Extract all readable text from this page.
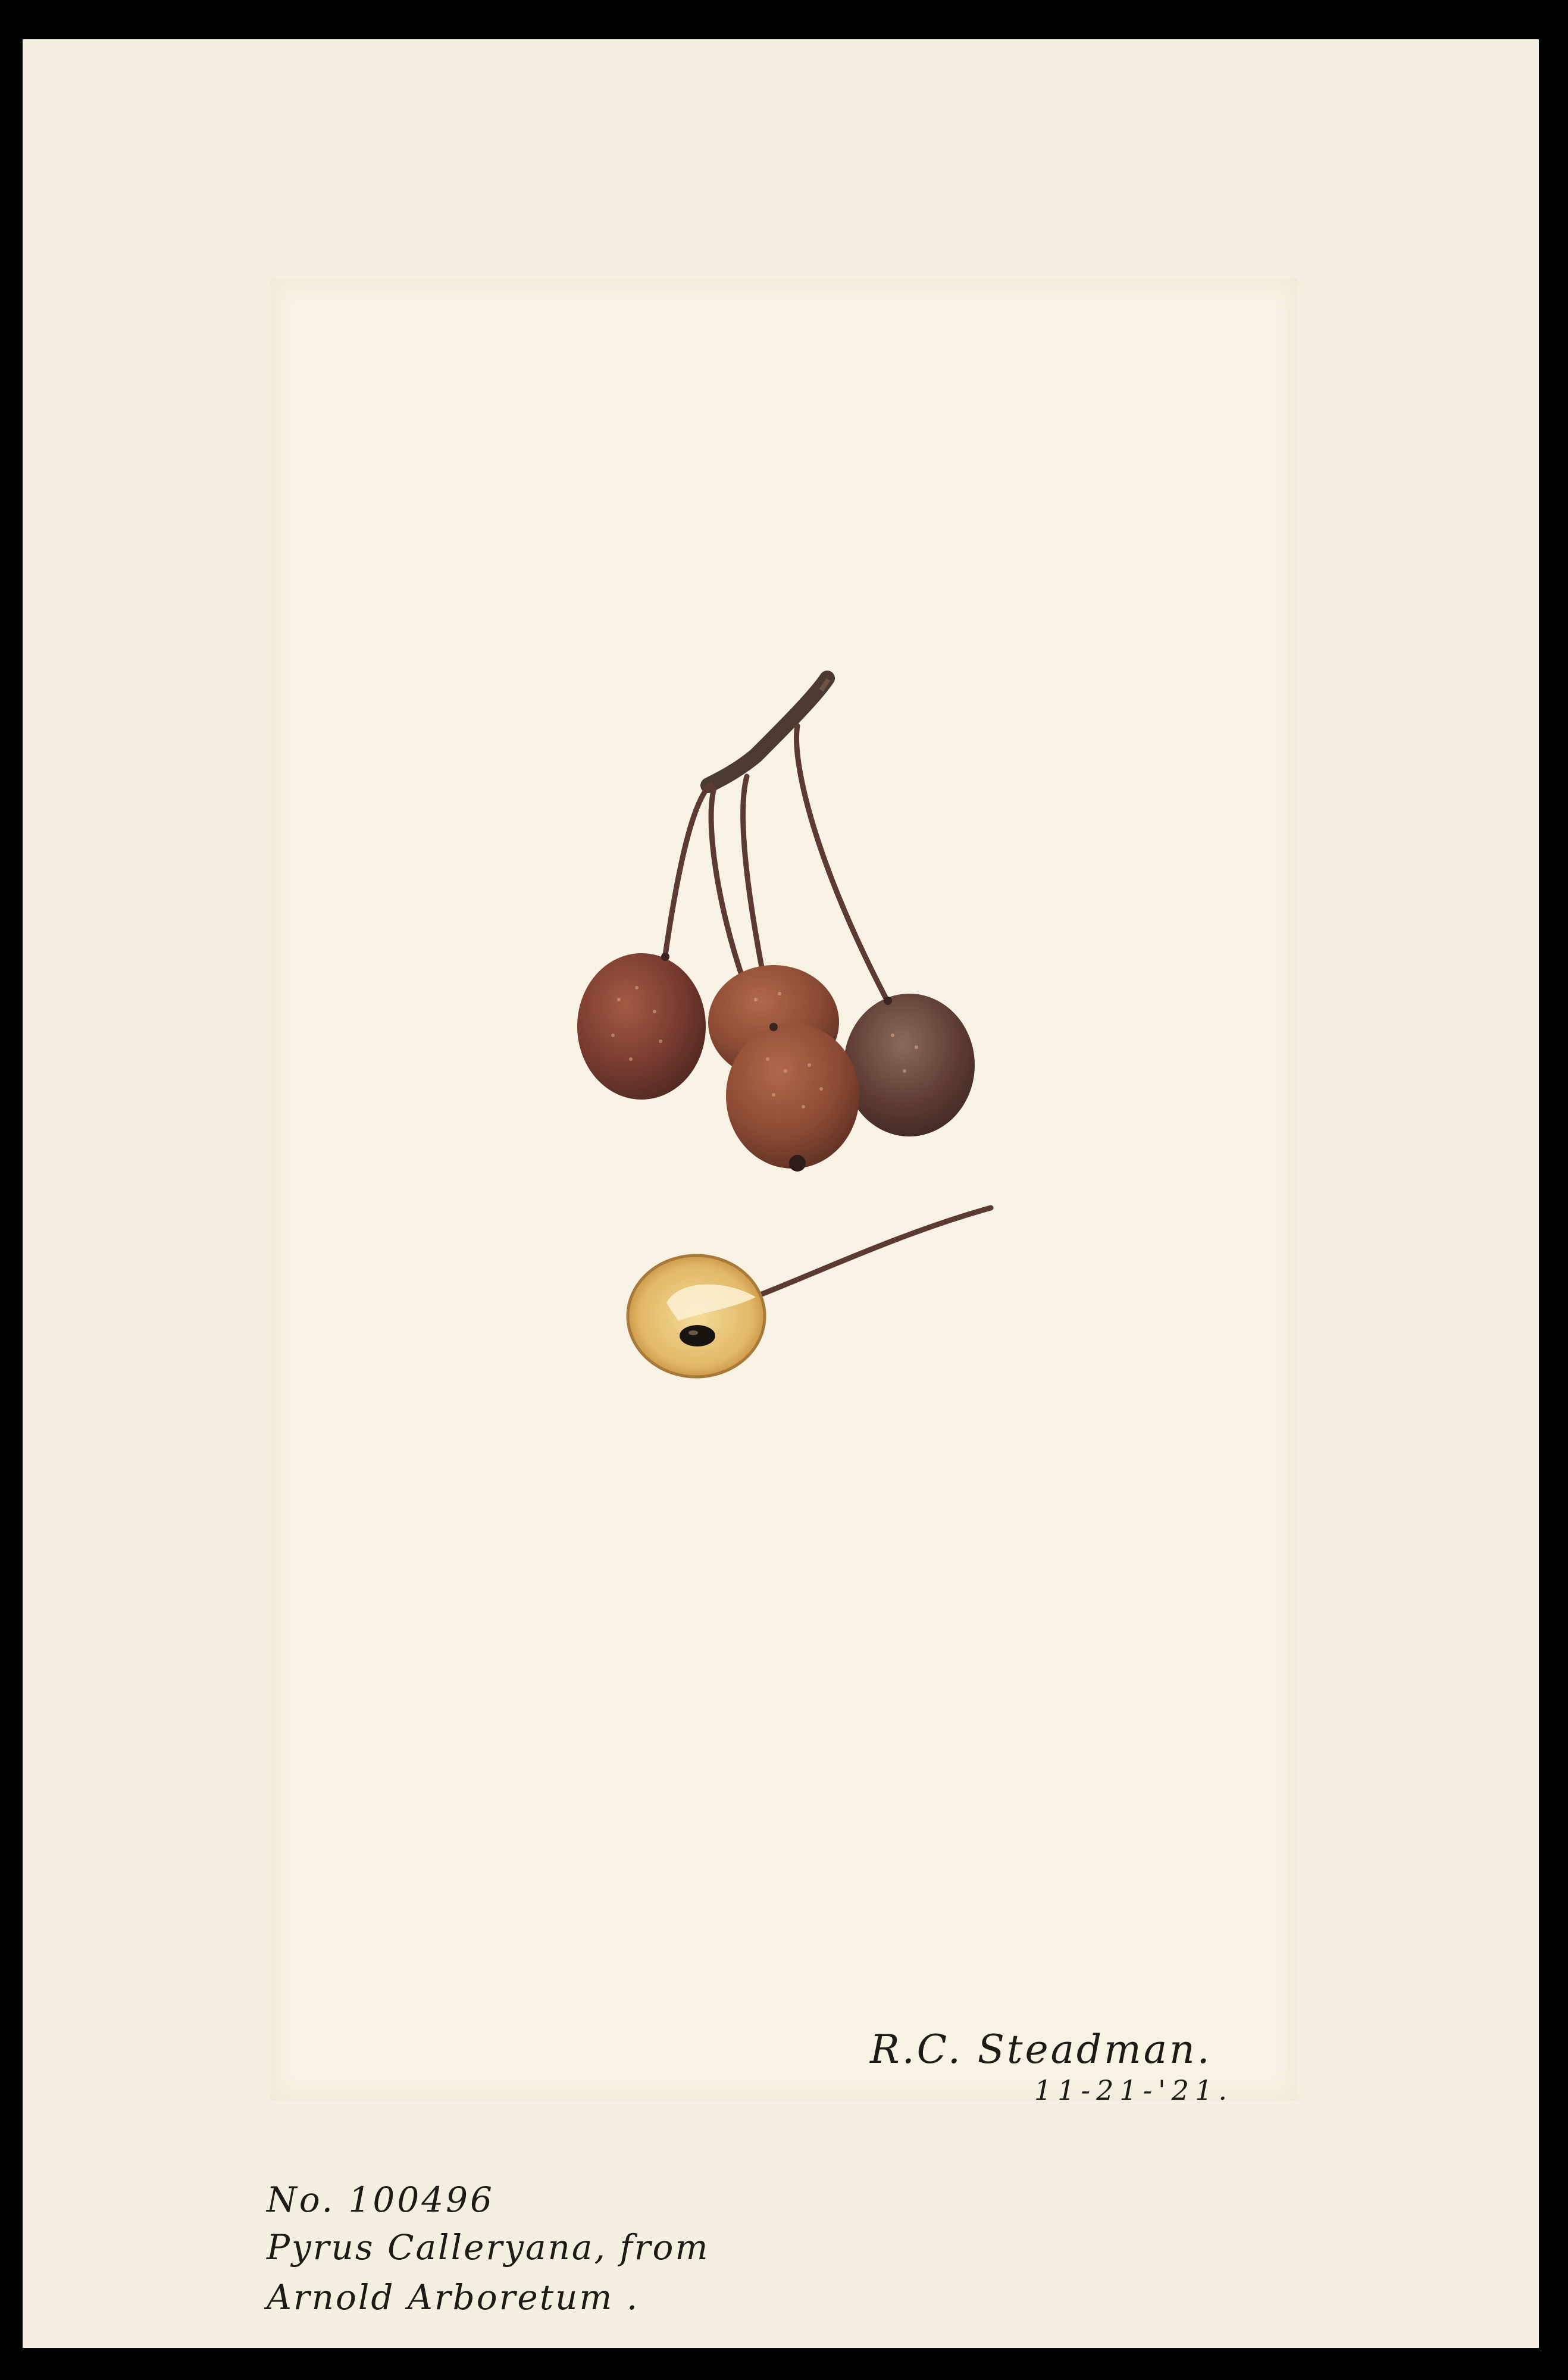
R.C. Steadman.
11-21-'21.
No. 100496
Pyrus Calleryana, from
Arnold Arboretum .
